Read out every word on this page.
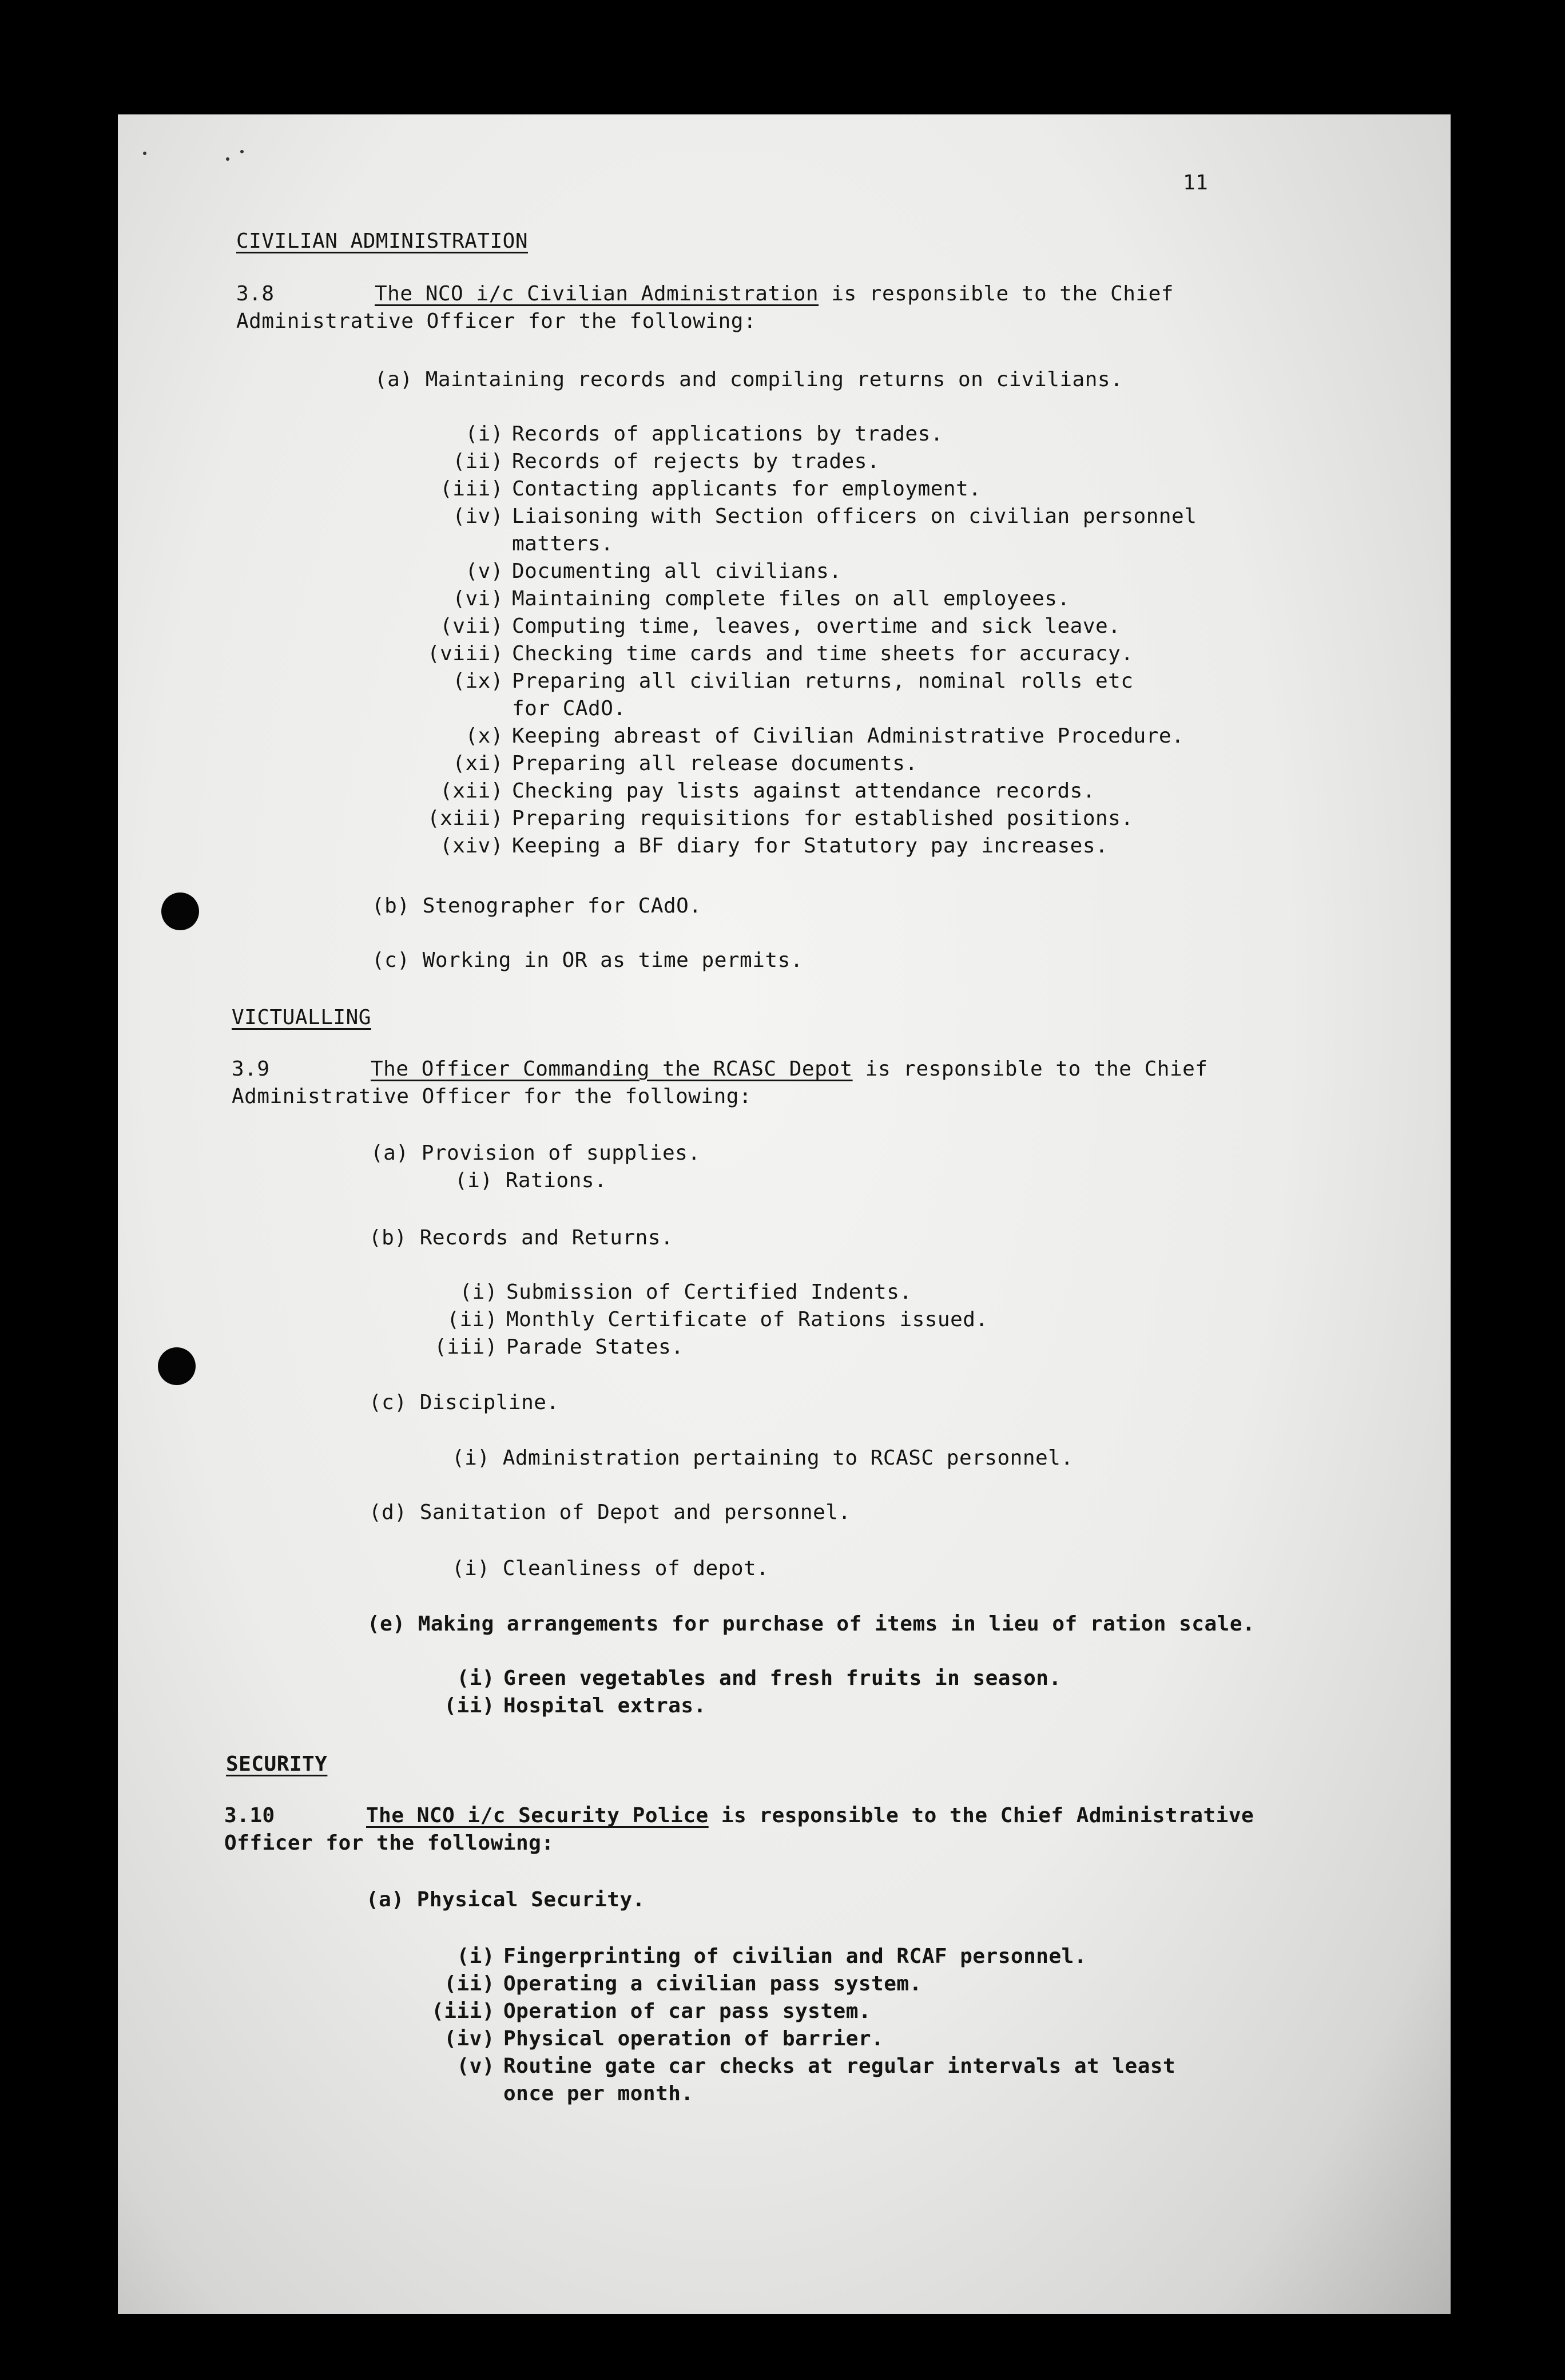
11
CIVILIAN ADMINISTRATION
3.8	The NCO i/c Civilian Administration is responsible to the Chief
Administrative Officer for the following:
(a) Maintaining records and compiling returns on civilians.
(i) Records of applications by trades.
(ii) Records of rejects by trades.
(iii) Contacting applicants for employment.
(iv) Liaisoning with Section officers on civilian personnel
matters.
(v) Documenting all civilians.
(vi) Maintaining complete files on all employees.
(vii) Computing time, leaves, overtime and sick leave.
(viii) Checking time cards and time sheets for accuracy.
(ix) Preparing all civilian returns, nominal rolls etc
for CAdO.
(x) Keeping abreast of Civilian Administrative Procedure.
(xi) Preparing all release documents.
(xii) Checking pay lists against attendance records.
(xiii) Preparing requisitions for established positions.
(xiv) Keeping a BF diary for Statutory pay increases.
(b) Stenographer for CAdO.
(c) Working in OR as time permits.
VICTUALLING
3.9	The Officer Commanding the RCASC Depot is responsible to the Chief
Administrative Officer for the following:
(a) Provision of supplies.
(i) Rations.
(b) Records and Returns.
(i) Submission of Certified Indents.
(ii) Monthly Certificate of Rations issued.
(iii) Parade States.
(c) Discipline.
(i) Administration pertaining to RCASC personnel.
(d) Sanitation of Depot and personnel.
(i) Cleanliness of depot.
(e) Making arrangements for purchase of items in lieu of ration scale.
(i) Green vegetables and fresh fruits in season.
(ii) Hospital extras.
SECURITY
3.10	The NCO i/c Security Police is responsible to the Chief Administrative
Officer for the following:
(a) Physical Security.
(i) Fingerprinting of civilian and RCAF personnel.
(ii) Operating a civilian pass system.
(iii) Operation of car pass system.
(iv) Physical operation of barrier.
(v) Routine gate car checks at regular intervals at least
once per month.
